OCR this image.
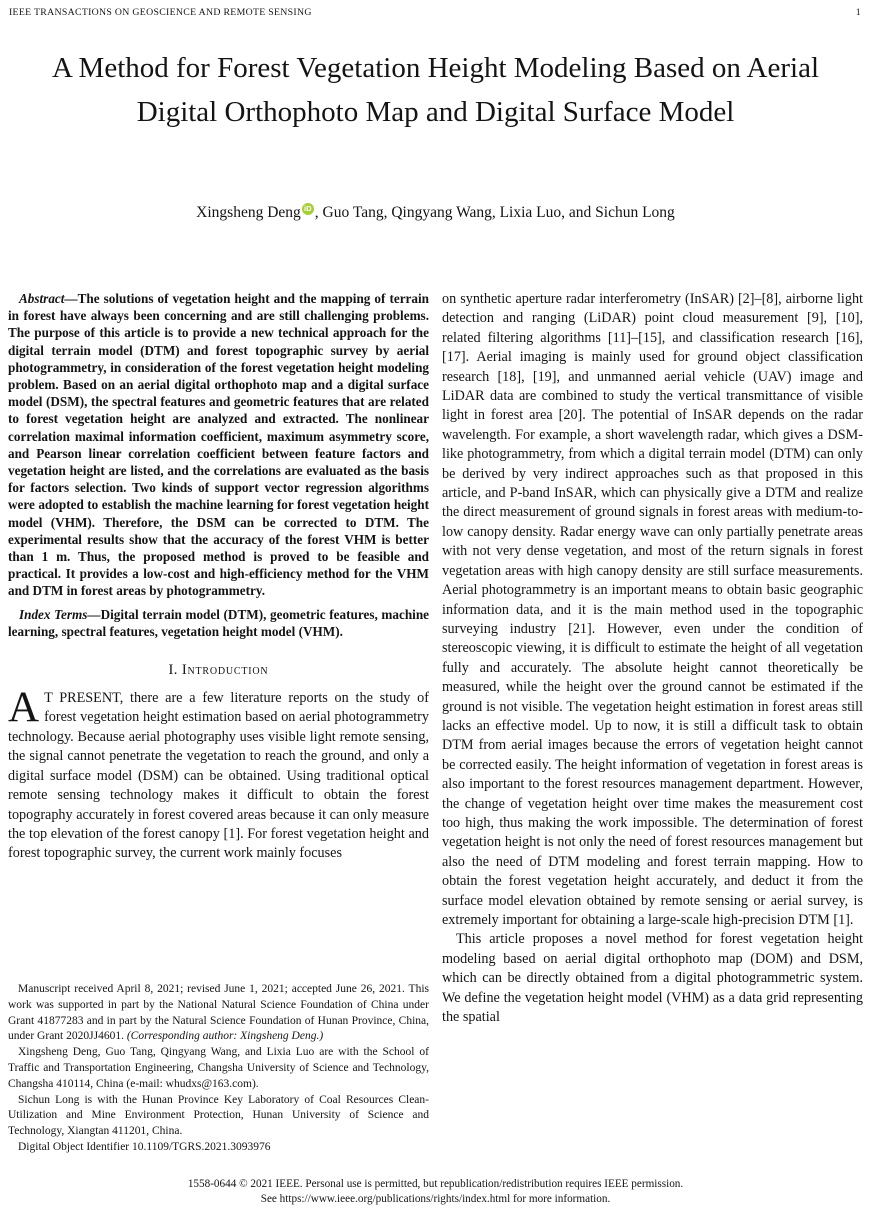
IEEE TRANSACTIONS ON GEOSCIENCE AND REMOTE SENSING	1
A Method for Forest Vegetation Height Modeling Based on Aerial Digital Orthophoto Map and Digital Surface Model
Xingsheng Deng iD , Guo Tang, Qingyang Wang, Lixia Luo, and Sichun Long

Abstract—The solutions of vegetation height and the mapping of terrain in forest have always been concerning and are still challenging problems. The purpose of this article is to provide a new technical approach for the digital terrain model (DTM) and forest topographic survey by aerial photogrammetry, in consideration of the forest vegetation height modeling problem. Based on an aerial digital orthophoto map and a digital surface model (DSM), the spectral features and geometric features that are related to forest vegetation height are analyzed and extracted. The nonlinear correlation maximal information coefficient, maximum asymmetry score, and Pearson linear correlation coefficient between feature factors and vegetation height are listed, and the correlations are evaluated as the basis for factors selection. Two kinds of support vector regression algorithms were adopted to establish the machine learning for forest vegetation height model (VHM). Therefore, the DSM can be corrected to DTM. The experimental results show that the accuracy of the forest VHM is better than 1 m. Thus, the proposed method is proved to be feasible and practical. It provides a low-cost and high-efficiency method for the VHM and DTM in forest areas by photogrammetry.

Index Terms—Digital terrain model (DTM), geometric features, machine learning, spectral features, vegetation height model (VHM).

I. Introduction

A T PRESENT, there are a few literature reports on the study of forest vegetation height estimation based on aerial photogrammetry technology. Because aerial photography uses visible light remote sensing, the signal cannot penetrate the vegetation to reach the ground, and only a digital surface model (DSM) can be obtained. Using traditional optical remote sensing technology makes it difficult to obtain the forest topography accurately in forest covered areas because it can only measure the top elevation of the forest canopy [1]. For forest vegetation height and forest topographic survey, the current work mainly focuses

Manuscript received April 8, 2021; revised June 1, 2021; accepted June 26, 2021. This work was supported in part by the National Natural Science Foundation of China under Grant 41877283 and in part by the Natural Science Foundation of Hunan Province, China, under Grant 2020JJ4601. (Corresponding author: Xingsheng Deng.)

Xingsheng Deng, Guo Tang, Qingyang Wang, and Lixia Luo are with the School of Traffic and Transportation Engineering, Changsha University of Science and Technology, Changsha 410114, China (e-mail: whudxs@163.com).

Sichun Long is with the Hunan Province Key Laboratory of Coal Resources Clean-Utilization and Mine Environment Protection, Hunan University of Science and Technology, Xiangtan 411201, China.

Digital Object Identifier 10.1109/TGRS.2021.3093976

on synthetic aperture radar interferometry (InSAR) [2]–[8], airborne light detection and ranging (LiDAR) point cloud measurement [9], [10], related filtering algorithms [11]–[15], and classification research [16], [17]. Aerial imaging is mainly used for ground object classification research [18], [19], and unmanned aerial vehicle (UAV) image and LiDAR data are combined to study the vertical transmittance of visible light in forest area [20]. The potential of InSAR depends on the radar wavelength. For example, a short wavelength radar, which gives a DSM-like photogrammetry, from which a digital terrain model (DTM) can only be derived by very indirect approaches such as that proposed in this article, and P-band InSAR, which can physically give a DTM and realize the direct measurement of ground signals in forest areas with medium-to-low canopy density. Radar energy wave can only partially penetrate areas with not very dense vegetation, and most of the return signals in forest vegetation areas with high canopy density are still surface measurements. Aerial photogrammetry is an important means to obtain basic geographic information data, and it is the main method used in the topographic surveying industry [21]. However, even under the condition of stereoscopic viewing, it is difficult to estimate the height of all vegetation fully and accurately. The absolute height cannot theoretically be measured, while the height over the ground cannot be estimated if the ground is not visible. The vegetation height estimation in forest areas still lacks an effective model. Up to now, it is still a difficult task to obtain DTM from aerial images because the errors of vegetation height cannot be corrected easily. The height information of vegetation in forest areas is also important to the forest resources management department. However, the change of vegetation height over time makes the measurement cost too high, thus making the work impossible. The determination of forest vegetation height is not only the need of forest resources management but also the need of DTM modeling and forest terrain mapping. How to obtain the forest vegetation height accurately, and deduct it from the surface model elevation obtained by remote sensing or aerial survey, is extremely important for obtaining a large-scale high-precision DTM [1].

This article proposes a novel method for forest vegetation height modeling based on aerial digital orthophoto map (DOM) and DSM, which can be directly obtained from a digital photogrammetric system. We define the vegetation height model (VHM) as a data grid representing the spatial

1558-0644 © 2021 IEEE. Personal use is permitted, but republication/redistribution requires IEEE permission.
See https://www.ieee.org/publications/rights/index.html for more information.
